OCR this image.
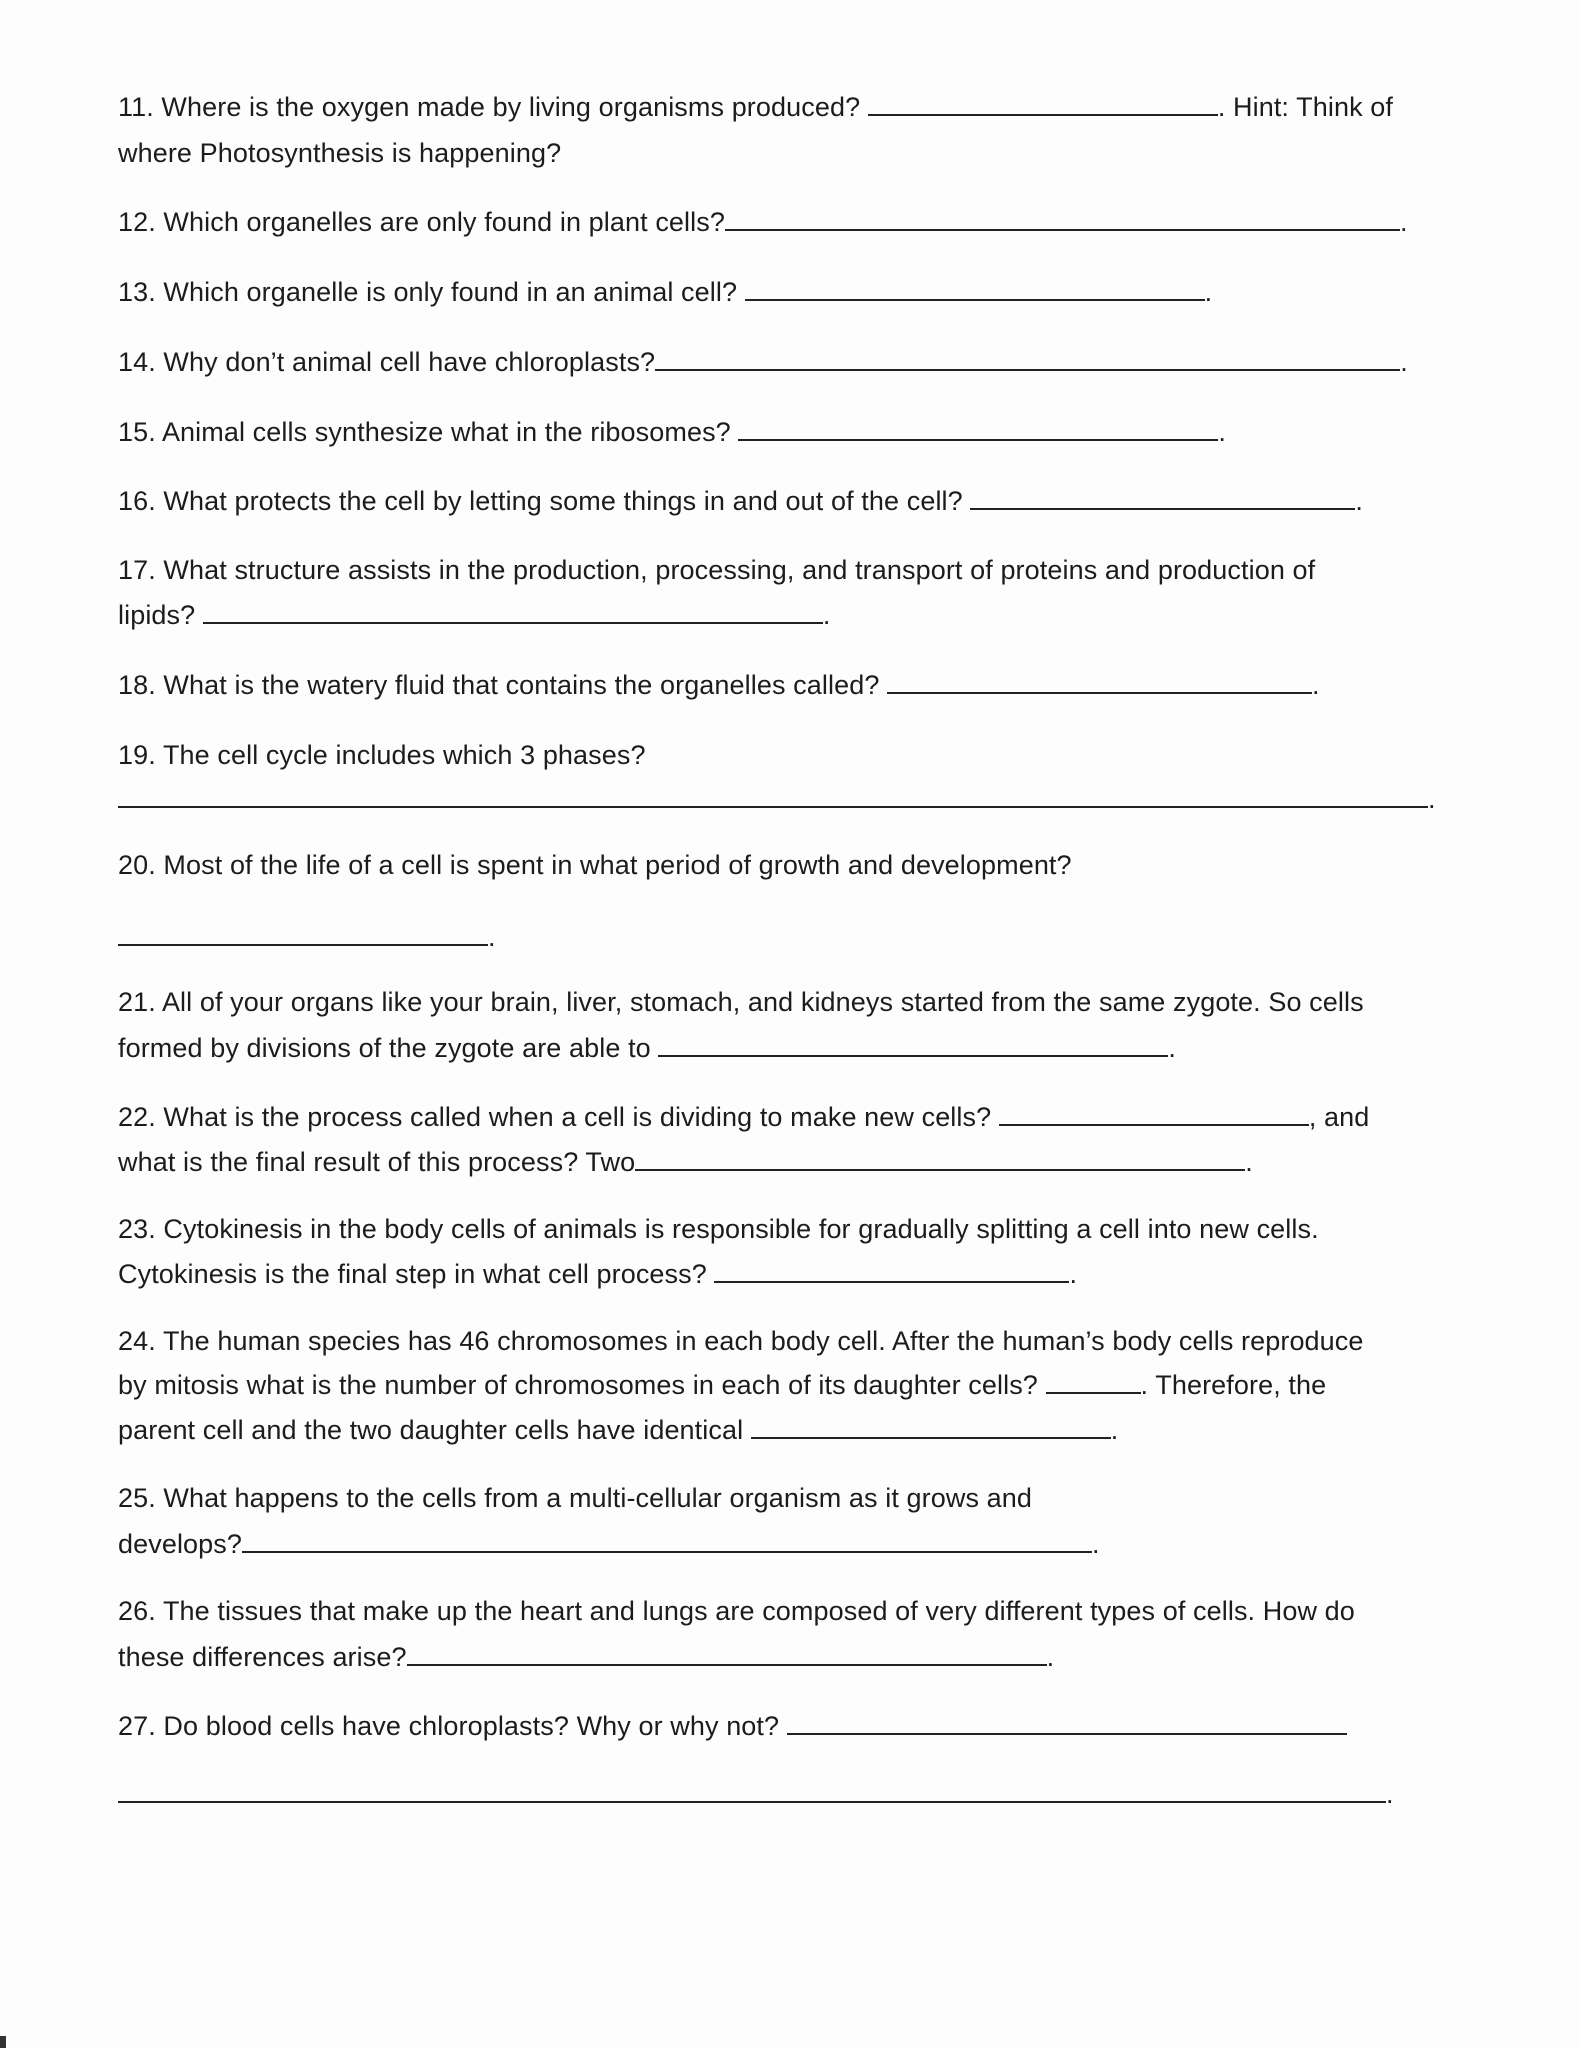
11. Where is the oxygen made by living organisms produced?	. Hint: Think of
where Photosynthesis is happening?
12. Which organelles are only found in plant cells?	.
13. Which organelle is only found in an animal cell?	.
14. Why don’t animal cell have chloroplasts?	.
15. Animal cells synthesize what in the ribosomes?	.
16. What protects the cell by letting some things in and out of the cell?	.
17. What structure assists in the production, processing, and transport of proteins and production of
lipids?	.
18. What is the watery fluid that contains the organelles called?	.
19. The cell cycle includes which 3 phases?
.
20. Most of the life of a cell is spent in what period of growth and development?
.
21. All of your organs like your brain, liver, stomach, and kidneys started from the same zygote. So cells
formed by divisions of the zygote are able to	.
22. What is the process called when a cell is dividing to make new cells?	, and
what is the final result of this process? Two	.
23. Cytokinesis in the body cells of animals is responsible for gradually splitting a cell into new cells.
Cytokinesis is the final step in what cell process?	.
24. The human species has 46 chromosomes in each body cell. After the human’s body cells reproduce
by mitosis what is the number of chromosomes in each of its daughter cells?	. Therefore, the
parent cell and the two daughter cells have identical	.
25. What happens to the cells from a multi-cellular organism as it grows and
develops?	.
26. The tissues that make up the heart and lungs are composed of very different types of cells. How do
these differences arise?	.
27. Do blood cells have chloroplasts? Why or why not?
.
